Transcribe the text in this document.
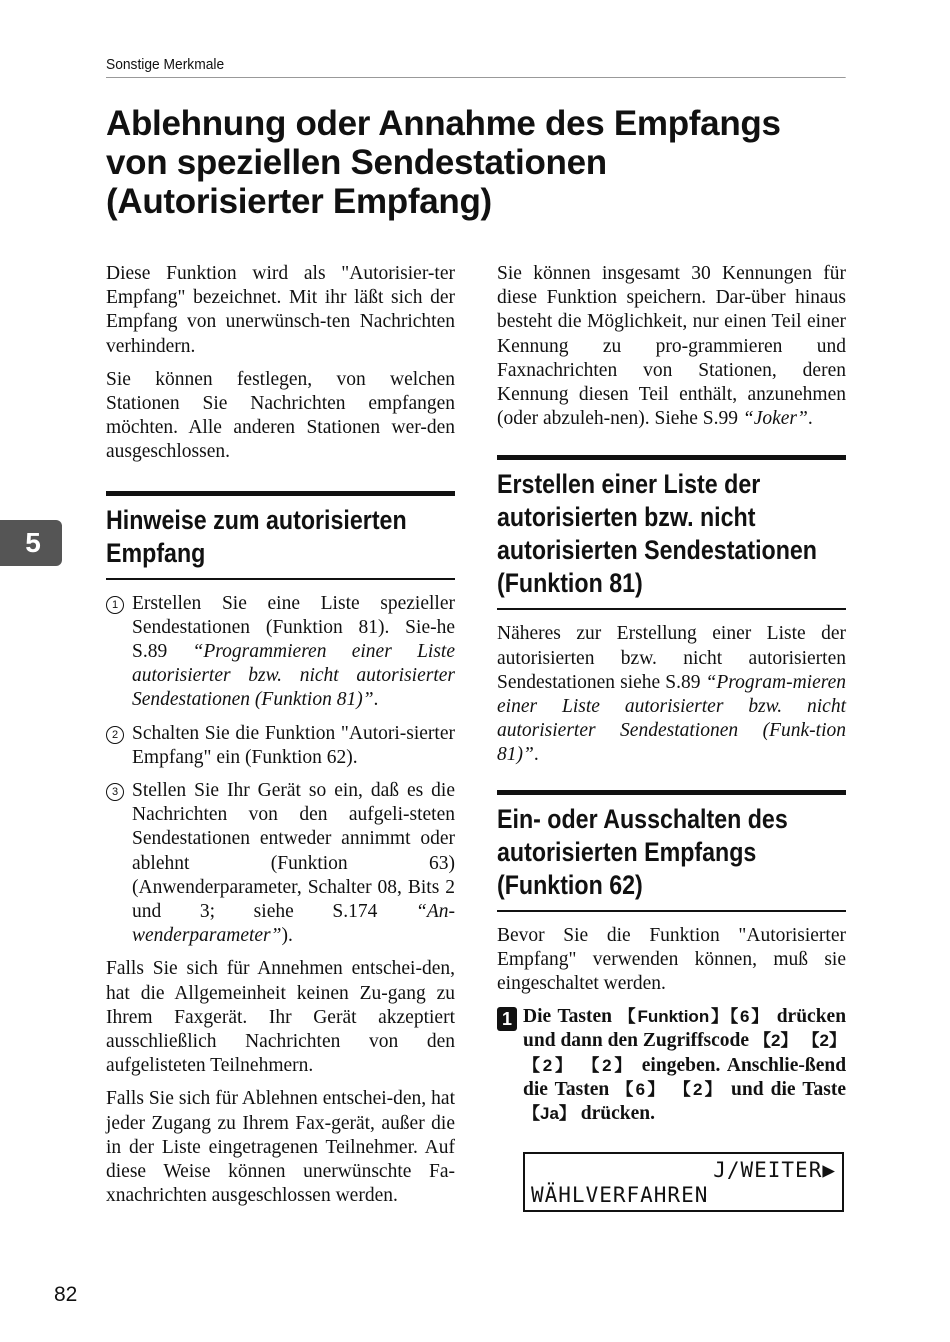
Sonstige Merkmale
Ablehnung oder Annahme des Empfangs
von speziellen Sendestationen
(Autorisierter Empfang)
5

Diese Funktion wird als "Autorisier-ter Empfang" bezeichnet. Mit ihr läßt sich der Empfang von unerwünsch-ten Nachrichten verhindern.

Sie können festlegen, von welchen Stationen Sie Nachrichten empfangen möchten. Alle anderen Stationen wer-den ausgeschlossen.

Hinweise zum autorisierten
Empfang
1 Erstellen Sie eine Liste spezieller Sendestationen (Funktion 81). Sie-he S.89 “Programmieren einer Liste autorisierter bzw. nicht autorisierter Sendestationen (Funktion 81)”.
2 Schalten Sie die Funktion "Autori-sierter Empfang" ein (Funktion 62).
3 Stellen Sie Ihr Gerät so ein, daß es die Nachrichten von den aufgeli-steten Sendestationen entweder annimmt oder ablehnt (Funktion 63) (Anwenderparameter, Schalter 08, Bits 2 und 3; siehe S.174 “An-wenderparameter”).

Falls Sie sich für Annehmen entschei-den, hat die Allgemeinheit keinen Zu-gang zu Ihrem Faxgerät. Ihr Gerät akzeptiert ausschließlich Nachrichten von den aufgelisteten Teilnehmern.

Falls Sie sich für Ablehnen entschei-den, hat jeder Zugang zu Ihrem Fax-gerät, außer die in der Liste eingetragenen Teilnehmer. Auf diese Weise können unerwünschte Fa-xnachrichten ausgeschlossen werden.

Sie können insgesamt 30 Kennungen für diese Funktion speichern. Dar-über hinaus besteht die Möglichkeit, nur einen Teil einer Kennung zu pro-grammieren und Faxnachrichten von Stationen, deren Kennung diesen Teil enthält, anzunehmen (oder abzuleh-nen). Siehe S.99 “Joker”.

Erstellen einer Liste der
autorisierten bzw. nicht
autorisierten Sendestationen
(Funktion 81)

Näheres zur Erstellung einer Liste der autorisierten bzw. nicht autorisierten Sendestationen siehe S.89 “Program-mieren einer Liste autorisierter bzw. nicht autorisierter Sendestationen (Funk-tion 81)”.

Ein- oder Ausschalten des
autorisierten Empfangs
(Funktion 62)

Bevor Sie die Funktion "Autorisierter Empfang" verwenden können, muß sie eingeschaltet werden.

1 Die Tasten 【 Funktion 】 【 6 】 drücken und dann den Zugriffscode 【 2 】 【 2 】 【 2 】	【 2 】 eingeben. Anschlie-ßend die Tasten 【 6 】	【 2 】 und die Taste 【 Ja 】 drücken.
J/WEITER▶
WÄHLVERFAHREN
82
